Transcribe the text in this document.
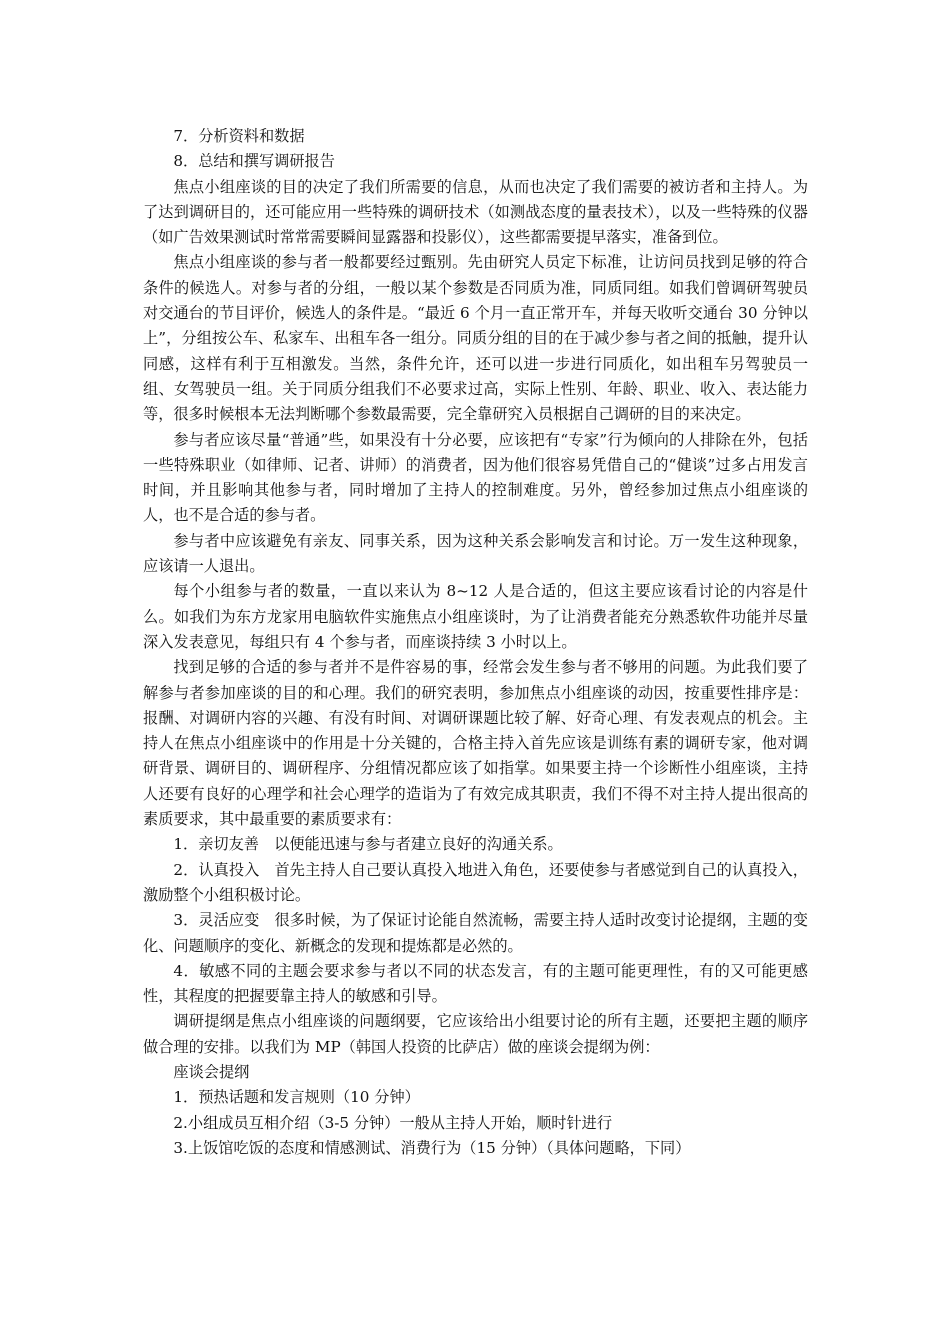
7．分析资料和数据

8．总结和撰写调研报告

焦点小组座谈的目的决定了我们所需要的信息，从而也决定了我们需要的被访者和主持人。为了达到调研目的，还可能应用一些特殊的调研技术（如测战态度的量表技术），以及一些特殊的仪器（如广告效果测试时常常需要瞬间显露器和投影仪），这些都需要提早落实，准备到位。

焦点小组座谈的参与者一般都要经过甄别。先由研究人员定下标准，让访问员找到足够的符合条件的候选人。对参与者的分组，一般以某个参数是否同质为准，同质同组。如我们曾调研驾驶员对交通台的节目评价，候选人的条件是。“最近 6 个月一直正常开车，并每天收听交通台 30 分钟以上”，分组按公车、私家车、出租车各一组分。同质分组的目的在于减少参与者之间的抵触，提升认同感，这样有利于互相激发。当然，条件允许，还可以进一步进行同质化，如出租车另驾驶员一组、女驾驶员一组。关于同质分组我们不必要求过高，实际上性别、年龄、职业、收入、表达能力等，很多时候根本无法判断哪个参数最需要，完全靠研究入员根据自己调研的目的来决定。

参与者应该尽量“普通”些，如果没有十分必要，应该把有“专家”行为倾向的人排除在外，包括一些特殊职业（如律师、记者、讲师）的消费者，因为他们很容易凭借自己的“健谈”过多占用发言时间，并且影响其他参与者，同时增加了主持人的控制难度。另外，曾经参加过焦点小组座谈的人，也不是合适的参与者。

参与者中应该避免有亲友、同事关系，因为这种关系会影响发言和讨论。万一发生这种现象，应该请一人退出。

每个小组参与者的数量，一直以来认为 8~12 人是合适的，但这主要应该看讨论的内容是什么。如我们为东方龙家用电脑软件实施焦点小组座谈时，为了让消费者能充分熟悉软件功能并尽量深入发表意见，每组只有 4 个参与者，而座谈持续 3 小时以上。

找到足够的合适的参与者并不是件容易的事，经常会发生参与者不够用的问题。为此我们要了解参与者参加座谈的目的和心理。我们的研究表明，参加焦点小组座谈的动因，按重要性排序是：报酬、对调研内容的兴趣、有没有时间、对调研课题比较了解、好奇心理、有发表观点的机会。主持人在焦点小组座谈中的作用是十分关键的，合格主持入首先应该是训练有素的调研专家，他对调研背景、调研目的、调研程序、分组情况都应该了如指掌。如果要主持一个诊断性小组座谈，主持人还要有良好的心理学和社会心理学的造诣为了有效完成其职责，我们不得不对主持人提出很高的素质要求，其中最重要的素质要求有：

1．亲切友善　以便能迅速与参与者建立良好的沟通关系。

2．认真投入　首先主持人自己要认真投入地进入角色，还要使参与者感觉到自己的认真投入，激励整个小组积极讨论。

3．灵活应变　很多时候，为了保证讨论能自然流畅，需要主持人适时改变讨论提纲，主题的变化、问题顺序的变化、新概念的发现和提炼都是必然的。

4．敏感不同的主题会要求参与者以不同的状态发言，有的主题可能更理性，有的又可能更感性，其程度的把握要靠主持人的敏感和引导。

调研提纲是焦点小组座谈的问题纲要，它应该给出小组要讨论的所有主题，还要把主题的顺序做合理的安排。以我们为 MP（韩国人投资的比萨店）做的座谈会提纲为例：

座谈会提纲

1．预热话题和发言规则（10 分钟）

2.小组成员互相介绍（3-5 分钟）一般从主持人开始，顺时针进行

3.上饭馆吃饭的态度和情感测试、消费行为（15 分钟）（具体问题略，下同）
